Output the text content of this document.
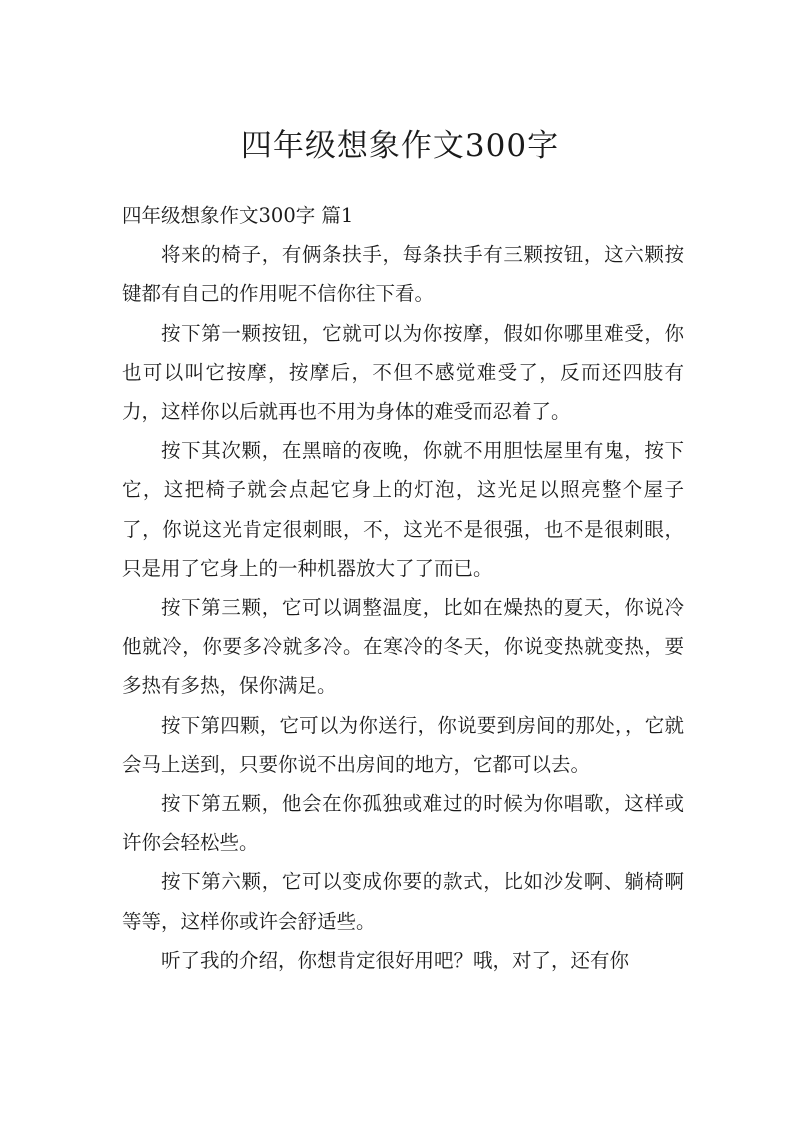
四年级想象作文300字
四年级想象作文300字 篇1

将来的椅子，有俩条扶手，每条扶手有三颗按钮，这六颗按键都有自己的作用呢不信你往下看。

按下第一颗按钮，它就可以为你按摩，假如你哪里难受，你也可以叫它按摩，按摩后，不但不感觉难受了，反而还四肢有力，这样你以后就再也不用为身体的难受而忍着了。

按下其次颗，在黑暗的夜晚，你就不用胆怯屋里有鬼，按下它，这把椅子就会点起它身上的灯泡，这光足以照亮整个屋子了，你说这光肯定很刺眼，不，这光不是很强，也不是很刺眼，只是用了它身上的一种机器放大了了而已。

按下第三颗，它可以调整温度，比如在燥热的夏天，你说冷他就冷，你要多冷就多冷。在寒冷的冬天，你说变热就变热，要多热有多热，保你满足。

按下第四颗，它可以为你送行，你说要到房间的那处，，它就会马上送到，只要你说不出房间的地方，它都可以去。

按下第五颗，他会在你孤独或难过的时候为你唱歌，这样或许你会轻松些。

按下第六颗，它可以变成你要的款式，比如沙发啊、躺椅啊等等，这样你或许会舒适些。

听了我的介绍，你想肯定很好用吧？哦，对了，还有你
